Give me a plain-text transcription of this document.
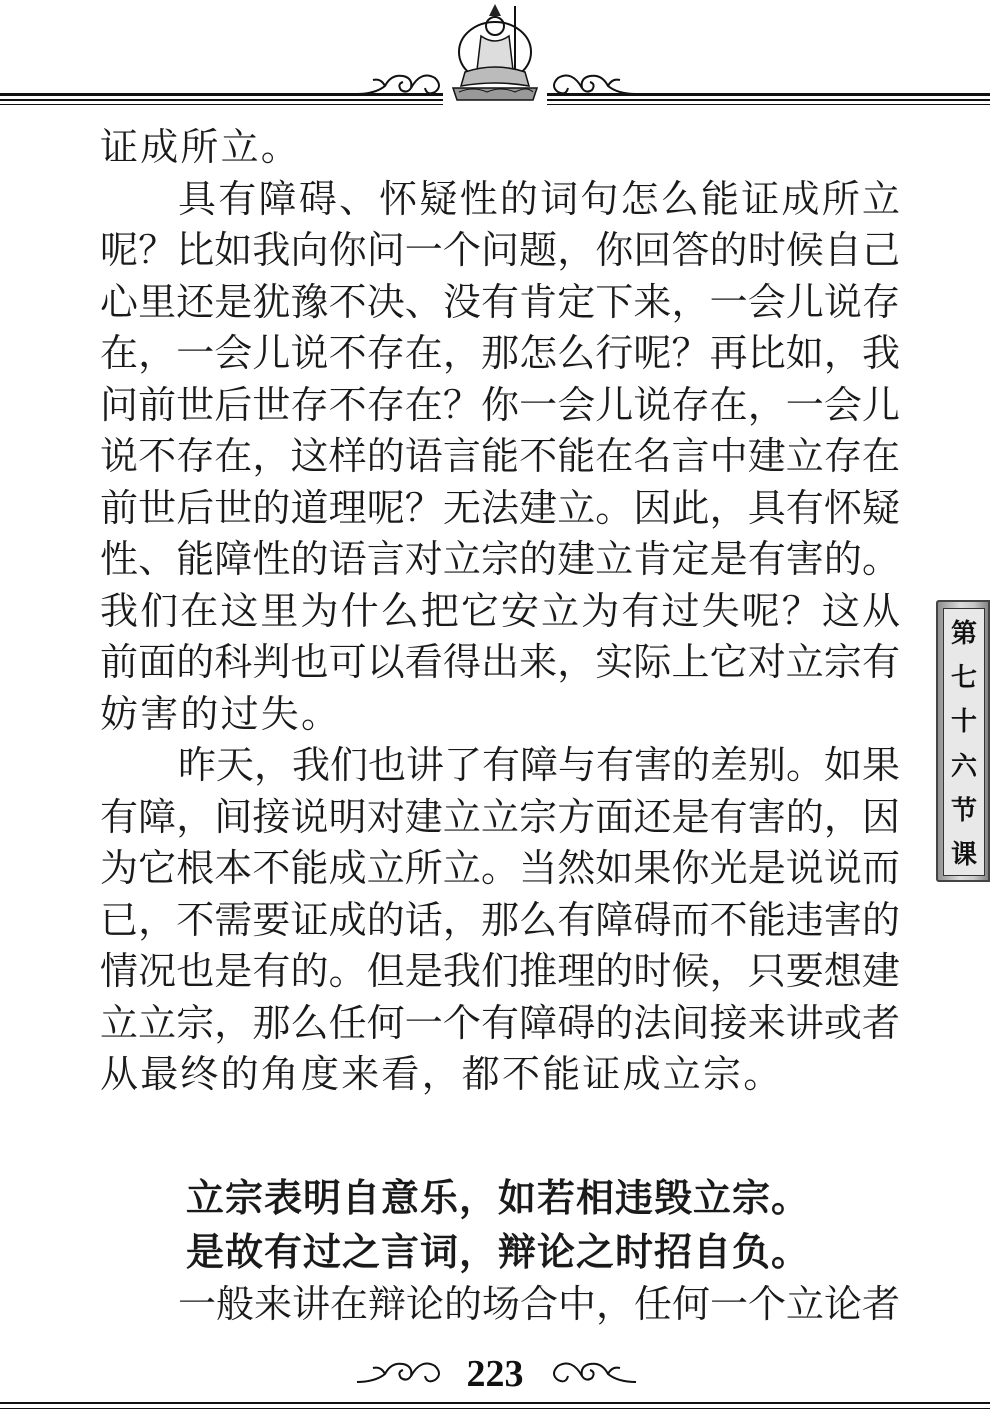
证成所立。
具有障碍、怀疑性的词句怎么能证成所立
呢？比如我向你问一个问题，你回答的时候自己
心里还是犹豫不决、没有肯定下来，一会儿说存
在，一会儿说不存在，那怎么行呢？再比如，我
问前世后世存不存在？你一会儿说存在，一会儿
说不存在，这样的语言能不能在名言中建立存在
前世后世的道理呢？无法建立。因此，具有怀疑
性、能障性的语言对立宗的建立肯定是有害的。
我们在这里为什么把它安立为有过失呢？这从
前面的科判也可以看得出来，实际上它对立宗有
妨害的过失。
昨天，我们也讲了有障与有害的差别。如果
有障，间接说明对建立立宗方面还是有害的，因
为它根本不能成立所立。当然如果你光是说说而
已，不需要证成的话，那么有障碍而不能违害的
情况也是有的。但是我们推理的时候，只要想建
立立宗，那么任何一个有障碍的法间接来讲或者
从最终的角度来看，都不能证成立宗。
立宗表明自意乐，如若相违毁立宗。
是故有过之言词，辩论之时招自负。
一般来讲在辩论的场合中，任何一个立论者
第
七
十
六
节
课
223
